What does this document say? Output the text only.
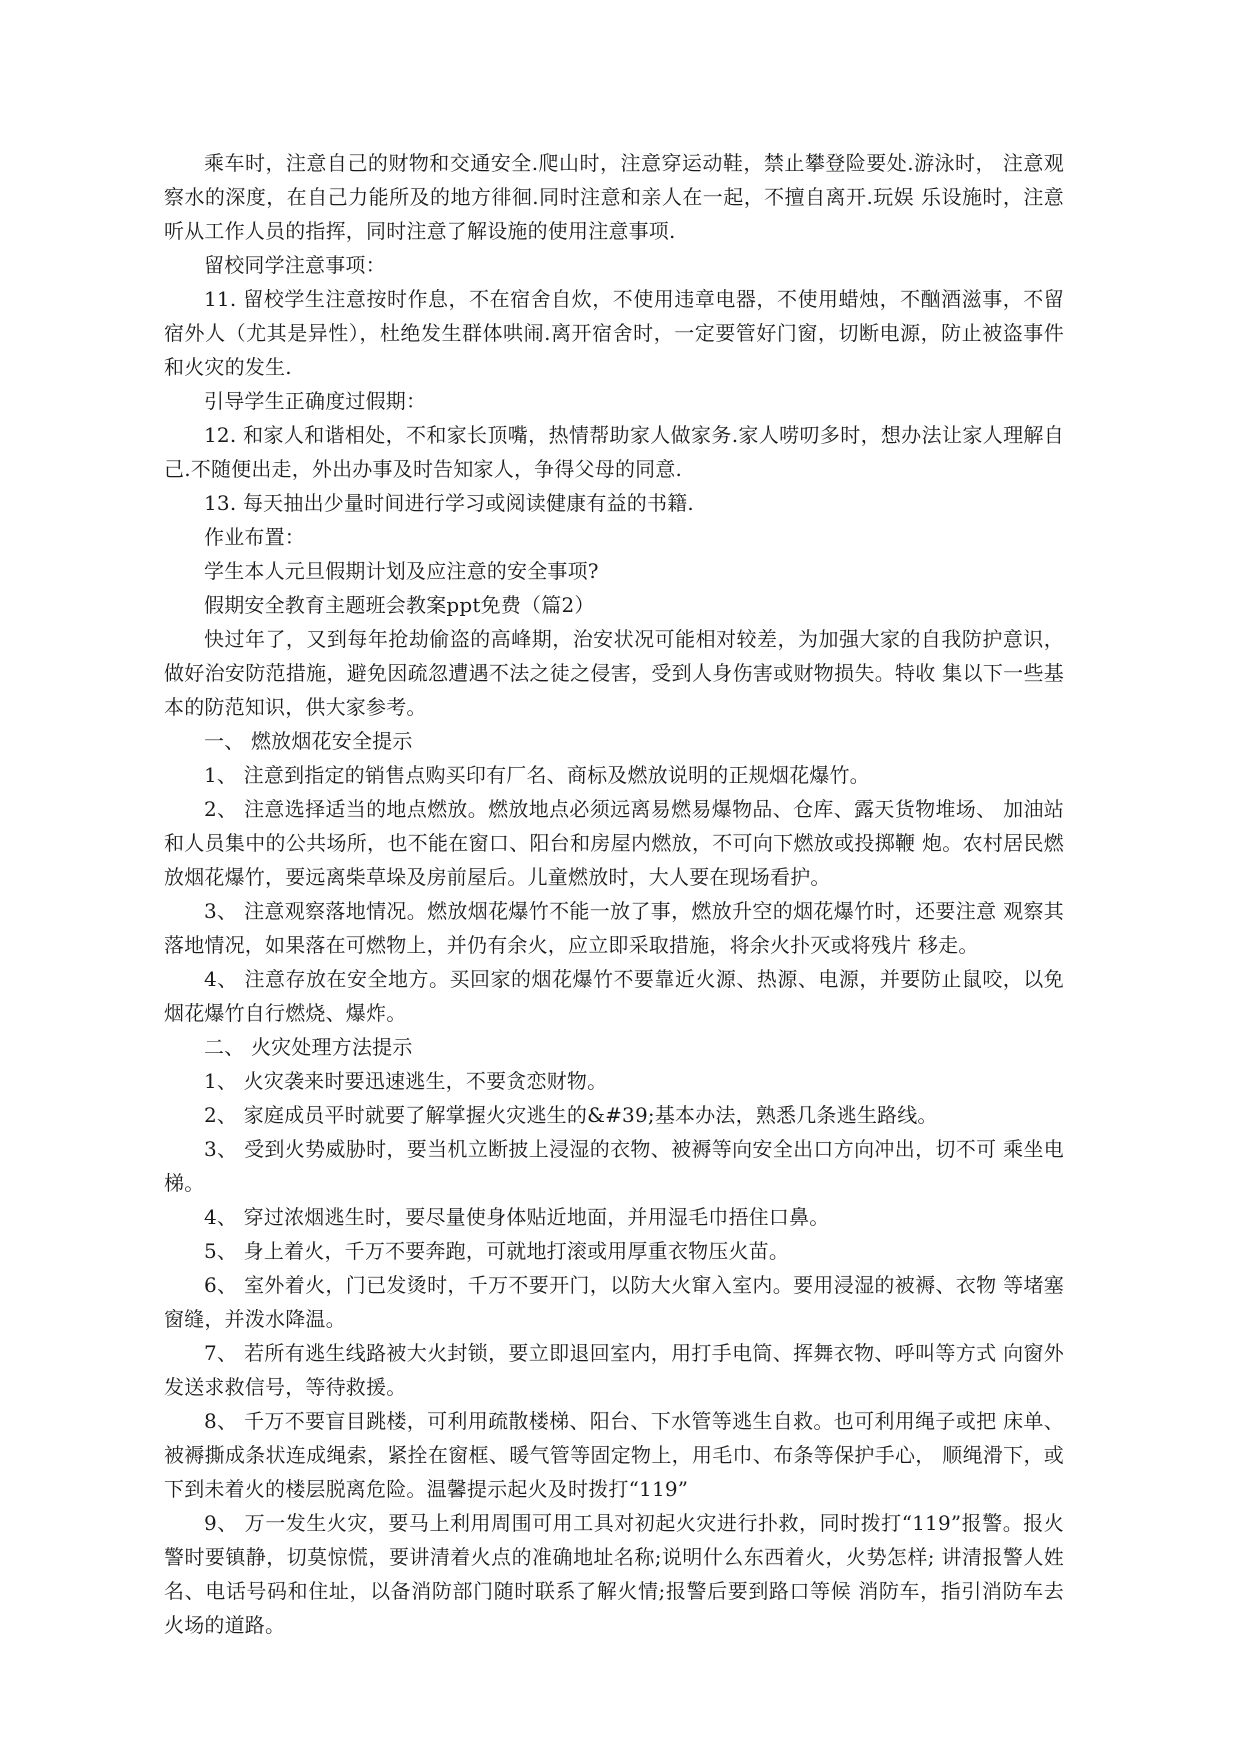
乘车时，注意自己的财物和交通安全.爬山时，注意穿运动鞋，禁止攀登险要处.游泳时， 注意观察水的深度，在自己力能所及的地方徘徊.同时注意和亲人在一起，不擅自离开.玩娱 乐设施时，注意听从工作人员的指挥，同时注意了解设施的使用注意事项.

留校同学注意事项：

11. 留校学生注意按时作息，不在宿舍自炊，不使用违章电器，不使用蜡烛，不酗酒滋事，不留宿外人（尤其是异性），杜绝发生群体哄闹.离开宿舍时，一定要管好门窗，切断电源，防止被盗事件和火灾的发生.

引导学生正确度过假期：

12. 和家人和谐相处，不和家长顶嘴，热情帮助家人做家务.家人唠叨多时，想办法让家人理解自己.不随便出走，外出办事及时告知家人，争得父母的同意.

13. 每天抽出少量时间进行学习或阅读健康有益的书籍.

作业布置：

学生本人元旦假期计划及应注意的安全事项?

假期安全教育主题班会教案ppt免费（篇2）

快过年了，又到每年抢劫偷盗的高峰期，治安状况可能相对较差，为加强大家的自我防护意识，做好治安防范措施，避免因疏忽遭遇不法之徒之侵害，受到人身伤害或财物损失。特收 集以下一些基本的防范知识，供大家参考。

一、 燃放烟花安全提示

1、 注意到指定的销售点购买印有厂名、商标及燃放说明的正规烟花爆竹。

2、 注意选择适当的地点燃放。燃放地点必须远离易燃易爆物品、仓库、露天货物堆场、 加油站和人员集中的公共场所，也不能在窗口、阳台和房屋内燃放，不可向下燃放或投掷鞭 炮。农村居民燃放烟花爆竹，要远离柴草垛及房前屋后。儿童燃放时，大人要在现场看护。

3、 注意观察落地情况。燃放烟花爆竹不能一放了事，燃放升空的烟花爆竹时，还要注意 观察其落地情况，如果落在可燃物上，并仍有余火，应立即采取措施，将余火扑灭或将残片 移走。

4、 注意存放在安全地方。买回家的烟花爆竹不要靠近火源、热源、电源，并要防止鼠咬，以免烟花爆竹自行燃烧、爆炸。

二、 火灾处理方法提示

1、 火灾袭来时要迅速逃生，不要贪恋财物。

2、 家庭成员平时就要了解掌握火灾逃生的&#39;基本办法，熟悉几条逃生路线。

3、 受到火势威胁时，要当机立断披上浸湿的衣物、被褥等向安全出口方向冲出，切不可 乘坐电梯。

4、 穿过浓烟逃生时，要尽量使身体贴近地面，并用湿毛巾捂住口鼻。

5、 身上着火，千万不要奔跑，可就地打滚或用厚重衣物压火苗。

6、 室外着火，门已发烫时，千万不要开门，以防大火窜入室内。要用浸湿的被褥、衣物 等堵塞窗缝，并泼水降温。

7、 若所有逃生线路被大火封锁，要立即退回室内，用打手电筒、挥舞衣物、呼叫等方式 向窗外发送求救信号，等待救援。

8、 千万不要盲目跳楼，可利用疏散楼梯、阳台、下水管等逃生自救。也可利用绳子或把 床单、被褥撕成条状连成绳索，紧拴在窗框、暖气管等固定物上，用毛巾、布条等保护手心， 顺绳滑下，或下到未着火的楼层脱离危险。温馨提示起火及时拨打“119”

9、 万一发生火灾，要马上利用周围可用工具对初起火灾进行扑救，同时拨打“119”报警。报火警时要镇静，切莫惊慌，要讲清着火点的准确地址名称;说明什么东西着火，火势怎样; 讲清报警人姓名、电话号码和住址，以备消防部门随时联系了解火情;报警后要到路口等候 消防车，指引消防车去火场的道路。
